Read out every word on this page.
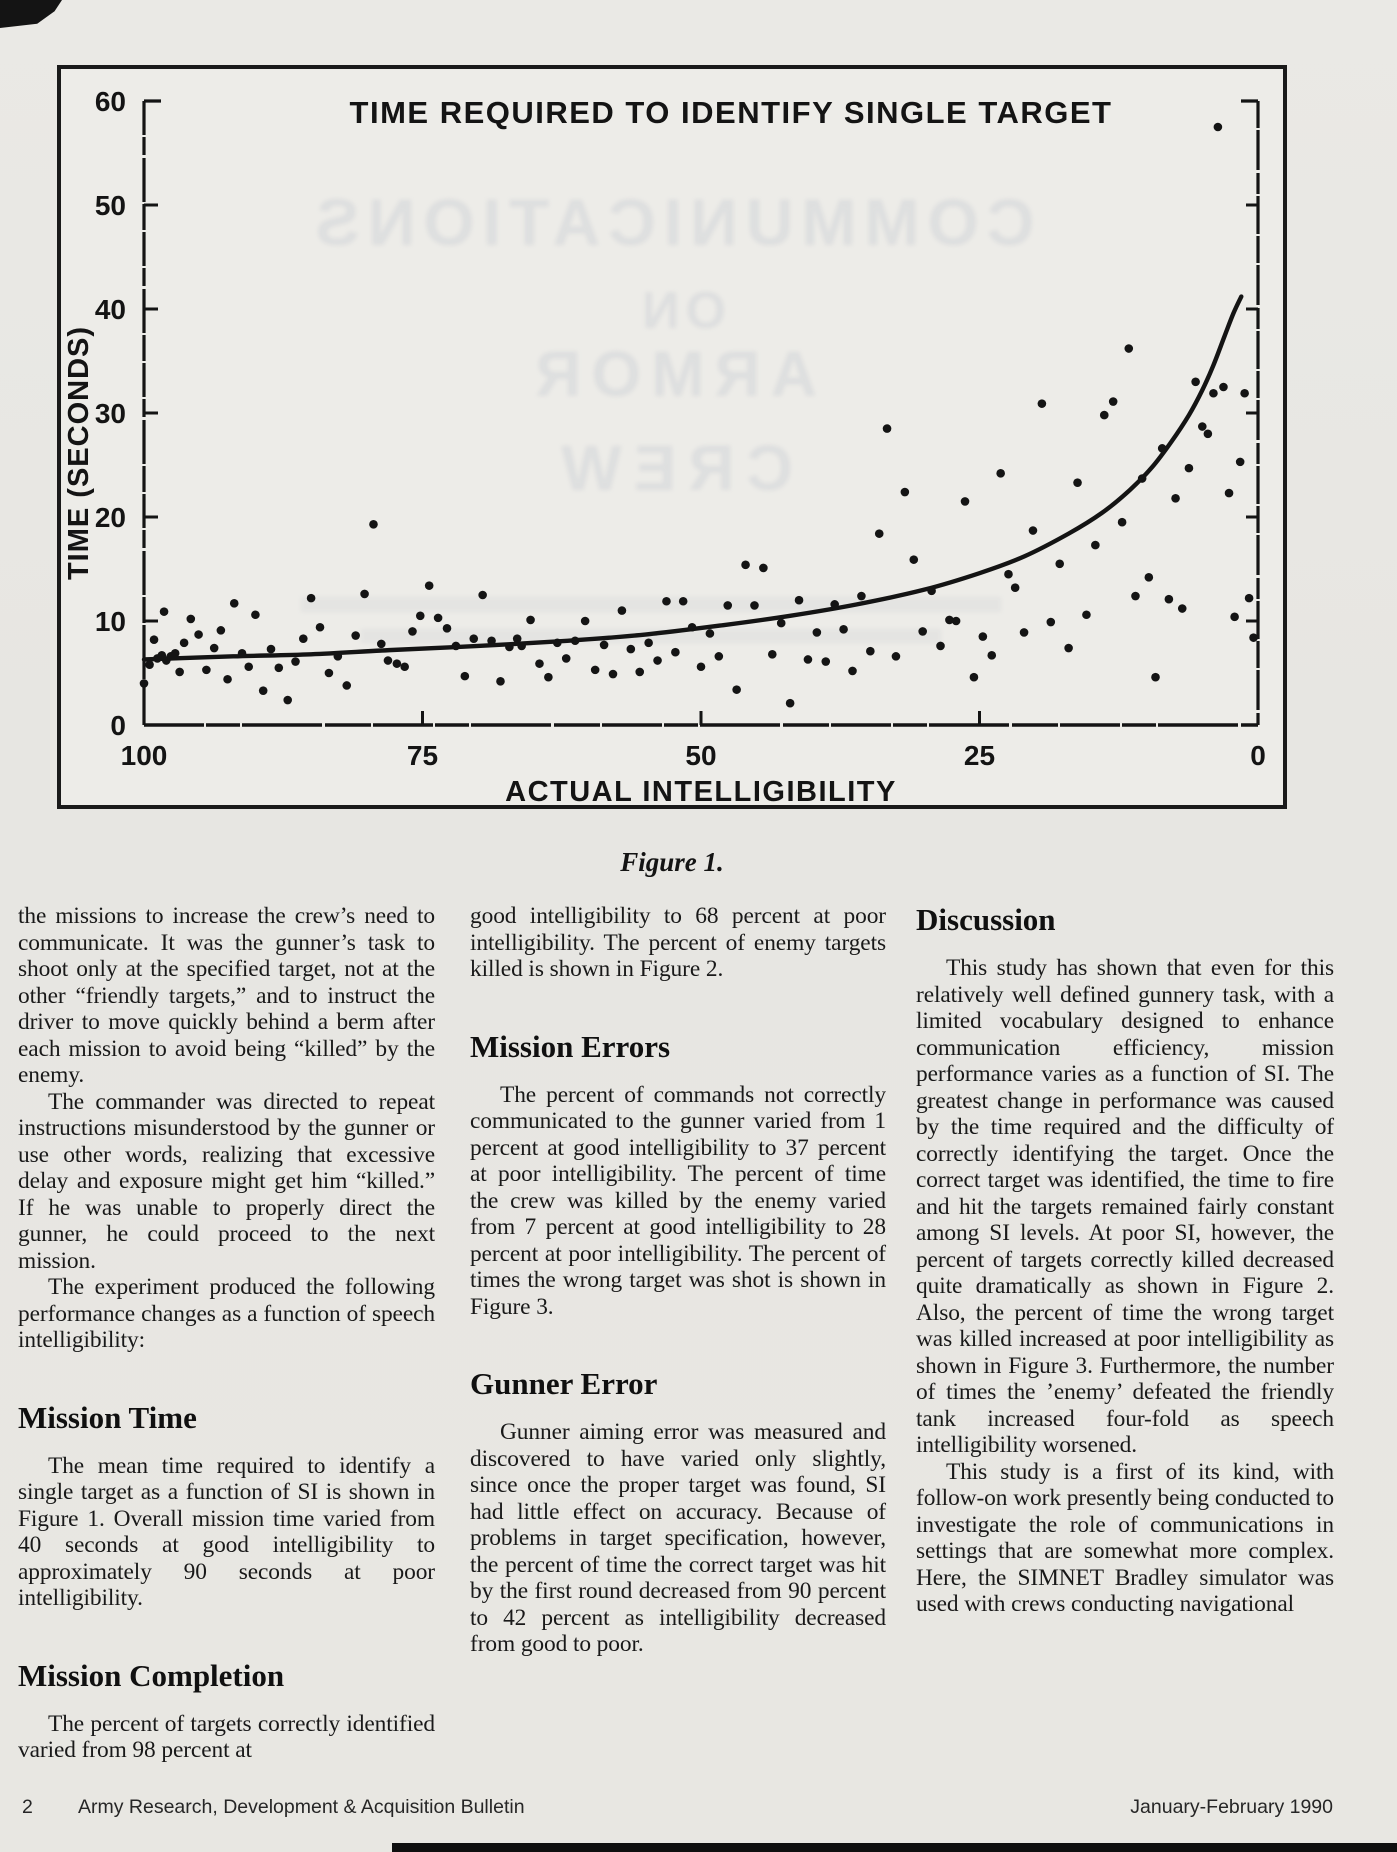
COMMUNICATIONS
ON
ARMOR
CREW
TIME REQUIRED TO IDENTIFY SINGLE TARGET
0
10
20
30
40
50
60
100	75	50	25	0
ACTUAL INTELLIGIBILITY
TIME (SECONDS)
Figure 1.

the missions to increase the crew’s need to communicate. It was the gunner’s task to shoot only at the specified target, not at the other “friendly targets,” and to instruct the driver to move quickly behind a berm after each mission to avoid being “killed” by the enemy.

The commander was directed to repeat instructions misunderstood by the gunner or use other words, realizing that excessive delay and exposure might get him “killed.” If he was unable to properly direct the gunner, he could proceed to the next mission.

The experiment produced the following performance changes as a function of speech intelligibility:

Mission Time

The mean time required to identify a single target as a function of SI is shown in Figure 1. Overall mission time varied from 40 seconds at good intelligibility to approximately 90 seconds at poor intelligibility.

Mission Completion

The percent of targets correctly identified varied from 98 percent at

good intelligibility to 68 percent at poor intelligibility. The percent of enemy targets killed is shown in Figure 2.

Mission Errors

The percent of commands not correctly communicated to the gunner varied from 1 percent at good intelligibility to 37 percent at poor intelligibility. The percent of time the crew was killed by the enemy varied from 7 percent at good intelligibility to 28 percent at poor intelligibility. The percent of times the wrong target was shot is shown in Figure 3.

Gunner Error

Gunner aiming error was measured and discovered to have varied only slightly, since once the proper target was found, SI had little effect on accuracy. Because of problems in target specification, however, the percent of time the correct target was hit by the first round decreased from 90 percent to 42 percent as intelligibility decreased from good to poor.

Discussion

This study has shown that even for this relatively well defined gunnery task, with a limited vocabulary designed to enhance communication efficiency, mission performance varies as a function of SI. The greatest change in performance was caused by the time required and the difficulty of correctly identifying the target. Once the correct target was identified, the time to fire and hit the targets remained fairly constant among SI levels. At poor SI, however, the percent of targets correctly killed decreased quite dramatically as shown in Figure 2. Also, the percent of time the wrong target was killed increased at poor intelligibility as shown in Figure 3. Furthermore, the number of times the ’enemy’ defeated the friendly tank increased four-fold as speech intelligibility worsened.

This study is a first of its kind, with follow-on work presently being conducted to investigate the role of communications in settings that are somewhat more complex. Here, the SIMNET Bradley simulator was used with crews conducting navigational

2 Army Research, Development & Acquisition Bulletin	January-February 1990
